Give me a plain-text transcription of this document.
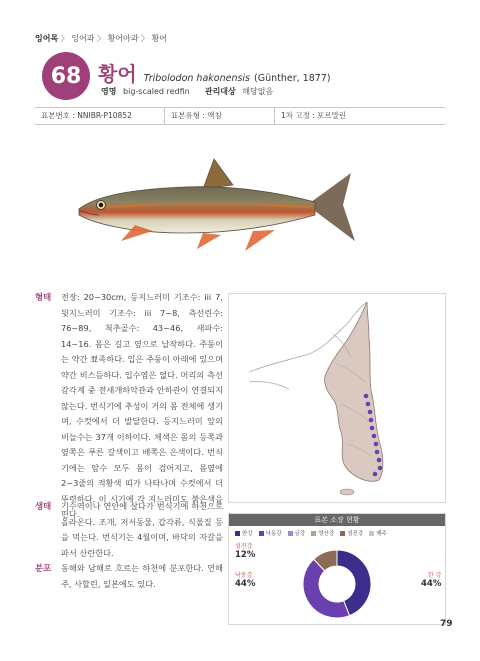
잉어목 〉 잉어과 〉 황어아과 〉 황어
68 황어 Tribolodon hakonensis (Günther, 1877)
영명 big-scaled redfin 관리대상 해당없음
표본번호 : NNIBR-P10852	표본유형 : 액침	1차 고정 : 포르말린
형태 전장: 20~30cm, 등지느러미 기조수: iii 7, 뒷지느러미 기조수: iii 7~8, 측선린수: 76~89, 척추골수: 43~46, 새파수: 14~16. 몸은 길고 옆으로 납작하다. 주둥이는 약간 뾰족하다. 입은 주둥이 아래에 있으며 약간 비스듬하다. 입수염은 없다. 머리의 측선감각계 중 전새개하악관과 안하관이 연결되지 않는다. 번식기에 추성이 거의 몸 전체에 생기며, 수컷에서 더 발달한다. 등지느러미 앞의 비늘수는 37개 이하이다. 체색은 몸의 등쪽과 옆쪽은 푸른 갈색이고 배쪽은 은색이다. 번식기에는 암수 모두 몸이 검어지고, 몸옆에 2~3줄의 적황색 띠가 나타나며 수컷에서 더 뚜렷하다. 이 시기에 각 지느러미도 붉은색을 띤다.
생태 기수역이나 연안에 살다가 번식기에 하천으로 올라온다. 조개, 저서동물, 갑각류, 식물질 등을 먹는다. 번식기는 4월이며, 바닥의 자갈을 파서 산란한다.
분포 동해와 남해로 흐르는 하천에 분포한다. 연해주, 사할린, 일본에도 있다.
표본 소장 현황
한강 낙동강 금강 영산강 섬진강 제주
섬진강
12%
낙동강
44%
한 강
44%
79
